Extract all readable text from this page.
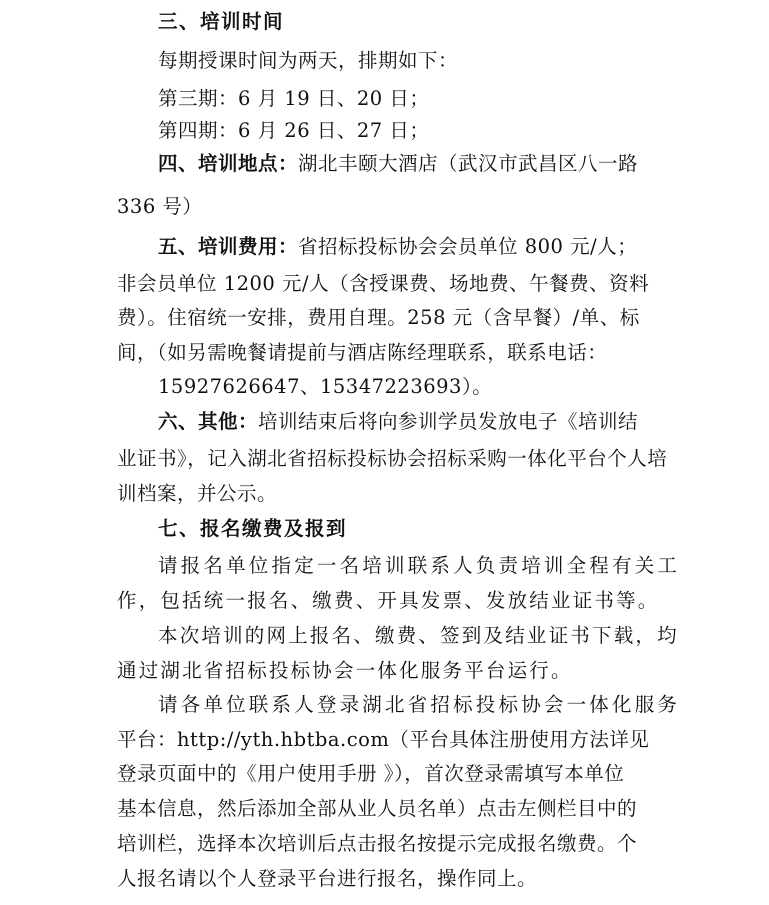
三、培训时间
每期授课时间为两天，排期如下：
第三期：6 月 19 日、20 日；
第四期：6 月 26 日、27 日；
四、培训地点：湖北丰颐大酒店（武汉市武昌区八一路
336 号）
五、培训费用：省招标投标协会会员单位 800 元/人；
非会员单位 1200 元/人（含授课费、场地费、午餐费、资料
费）。住宿统一安排，费用自理。258 元（含早餐）/单、标
间，（如另需晚餐请提前与酒店陈经理联系，联系电话：
15927626647、15347223693）。
六、其他：培训结束后将向参训学员发放电子《培训结
业证书》，记入湖北省招标投标协会招标采购一体化平台个人培
训档案，并公示。
七、报名缴费及报到
请报名单位指定一名培训联系人负责培训全程有关工
作，包括统一报名、缴费、开具发票、发放结业证书等。
本次培训的网上报名、缴费、签到及结业证书下载，均
通过湖北省招标投标协会一体化服务平台运行。
请各单位联系人登录湖北省招标投标协会一体化服务
平台：http://yth.hbtba.com（平台具体注册使用方法详见
登录页面中的《用户使用手册 》），首次登录需填写本单位
基本信息，然后添加全部从业人员名单）点击左侧栏目中的
培训栏，选择本次培训后点击报名按提示完成报名缴费。个
人报名请以个人登录平台进行报名，操作同上。
